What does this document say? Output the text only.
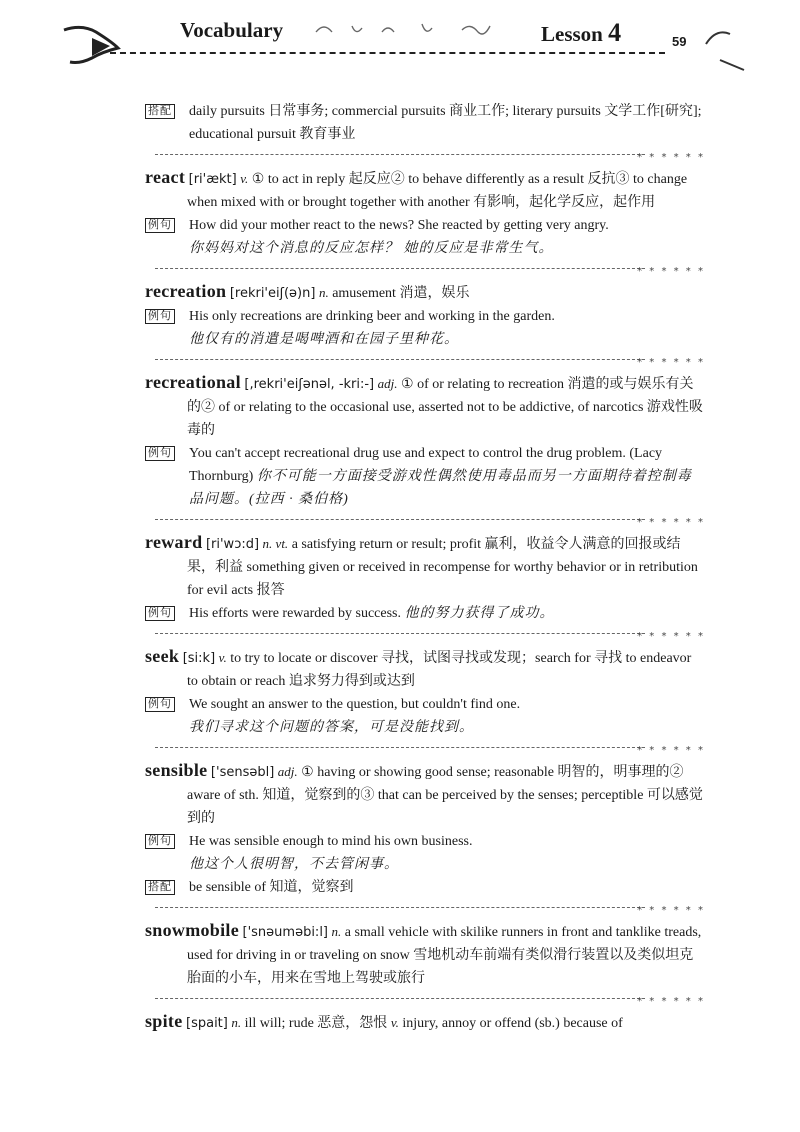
Vocabulary	Lesson 4	59

搭配 daily pursuits 日常事务; commercial pursuits 商业工作; literary pursuits 文学工作[研究]; educational pursuit 教育事业

* * * * * *

react [ri'ækt] v. ① to act in reply 起反应② to behave differently as a result 反抗③ to change when mixed with or brought together with another 有影响，起化学反应，起作用

例句 How did your mother react to the news? She reacted by getting very angry.
你妈妈对这个消息的反应怎样？ 她的反应是非常生气。

* * * * * *

recreation [rekri'eiʃ(ə)n] n. amusement 消遣，娱乐

例句 His only recreations are drinking beer and working in the garden.
他仅有的消遣是喝啤酒和在园子里种花。

* * * * * *

recreational [,rekri'eiʃənəl, -kri:-] adj. ① of or relating to recreation 消遣的或与娱乐有关的② of or relating to the occasional use, asserted not to be addictive, of narcotics 游戏性吸毒的

例句 You can't accept recreational drug use and expect to control the drug problem. (Lacy Thornburg) 你不可能一方面接受游戏性偶然使用毒品而另一方面期待着控制毒品问题。(拉西 · 桑伯格)

* * * * * *

reward [ri'wɔ:d] n. vt. a satisfying return or result; profit 赢利，收益令人满意的回报或结果，利益 something given or received in recompense for worthy behavior or in retribution for evil acts 报答

例句 His efforts were rewarded by success. 他的努力获得了成功。

* * * * * *

seek [si:k] v. to try to locate or discover 寻找，试图寻找或发现；search for 寻找 to endeavor to obtain or reach 追求努力得到或达到

例句 We sought an answer to the question, but couldn't find one.
我们寻求这个问题的答案，可是没能找到。

* * * * * *

sensible ['sensəbl] adj. ① having or showing good sense; reasonable 明智的，明事理的② aware of sth. 知道，觉察到的③ that can be perceived by the senses; perceptible 可以感觉到的

例句 He was sensible enough to mind his own business.
他这个人很明智，不去管闲事。

搭配 be sensible of 知道，觉察到

* * * * * *

snowmobile ['snəuməbi:l] n. a small vehicle with skilike runners in front and tanklike treads, used for driving in or traveling on snow 雪地机动车前端有类似滑行装置以及类似坦克胎面的小车，用来在雪地上驾驶或旅行

* * * * * *

spite [spait] n. ill will; rude 恶意，怨恨 v. injury, annoy or offend (sb.) because of
